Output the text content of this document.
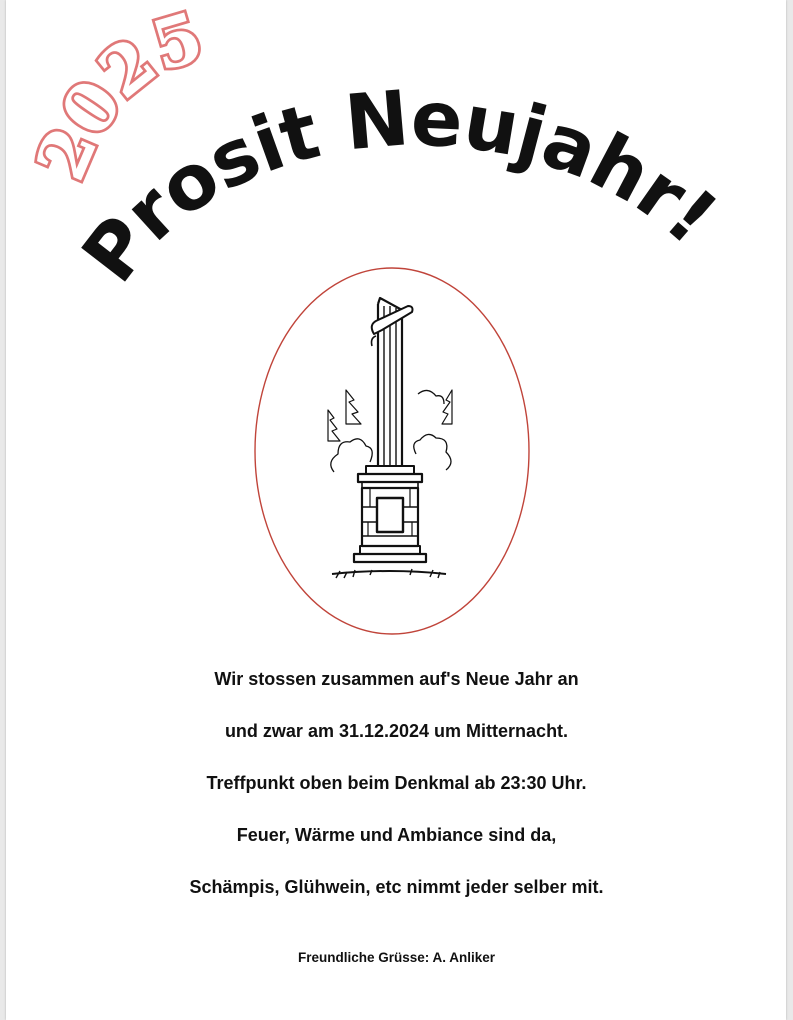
2025
Prosit Neujahr!
Wir stossen zusammen auf's Neue Jahr an
und zwar am 31.12.2024 um Mitternacht.
Treffpunkt oben beim Denkmal ab 23:30 Uhr.
Feuer, Wärme und Ambiance sind da,
Schämpis, Glühwein, etc nimmt jeder selber mit.
Freundliche Grüsse: A. Anliker
